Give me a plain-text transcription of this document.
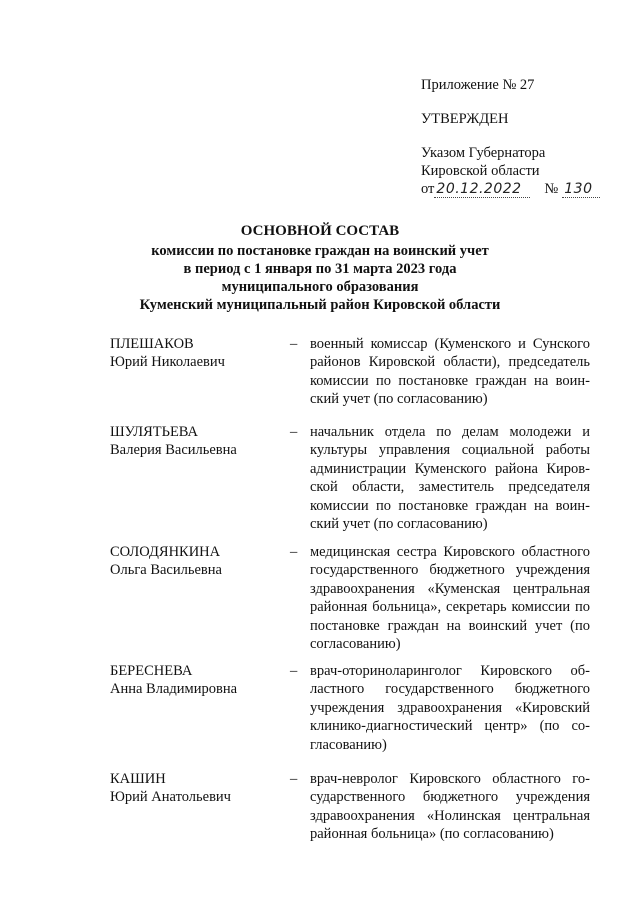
Приложение № 27
УТВЕРЖДЕН
Указом Губернатора
Кировской области
от 20.12.2022 № 130
ОСНОВНОЙ СОСТАВ
комиссии по постановке граждан на воинский учет
в период с 1 января по 31 марта 2023 года
муниципального образования
Куменский муниципальный район Кировской области
ПЛЕШАКОВ
Юрий Николаевич
– военный комиссар (Куменского и Сунского районов Кировской области), председатель комиссии по постановке граждан на воинский учет (по согласованию)
ШУЛЯТЬЕВА
Валерия Васильевна
– начальник отдела по делам молодежи и культуры управления социальной работы администрации Куменского района Кировской области, заместитель председателя комиссии по постановке граждан на воинский учет (по согласованию)
СОЛОДЯНКИНА
Ольга Васильевна
– медицинская сестра Кировского областного государственного бюджетного учреждения здравоохранения «Куменская центральная районная больница», секретарь комиссии по постановке граждан на воинский учет (по согласованию)
БЕРЕСНЕВА
Анна Владимировна
– врач-оториноларинголог Кировского областного государственного бюджетного учреждения здравоохранения «Кировский клинико-диагностический центр» (по согласованию)
КАШИН
Юрий Анатольевич
– врач-невролог Кировского областного государственного бюджетного учреждения здравоохранения «Нолинская центральная районная больница» (по согласованию)
